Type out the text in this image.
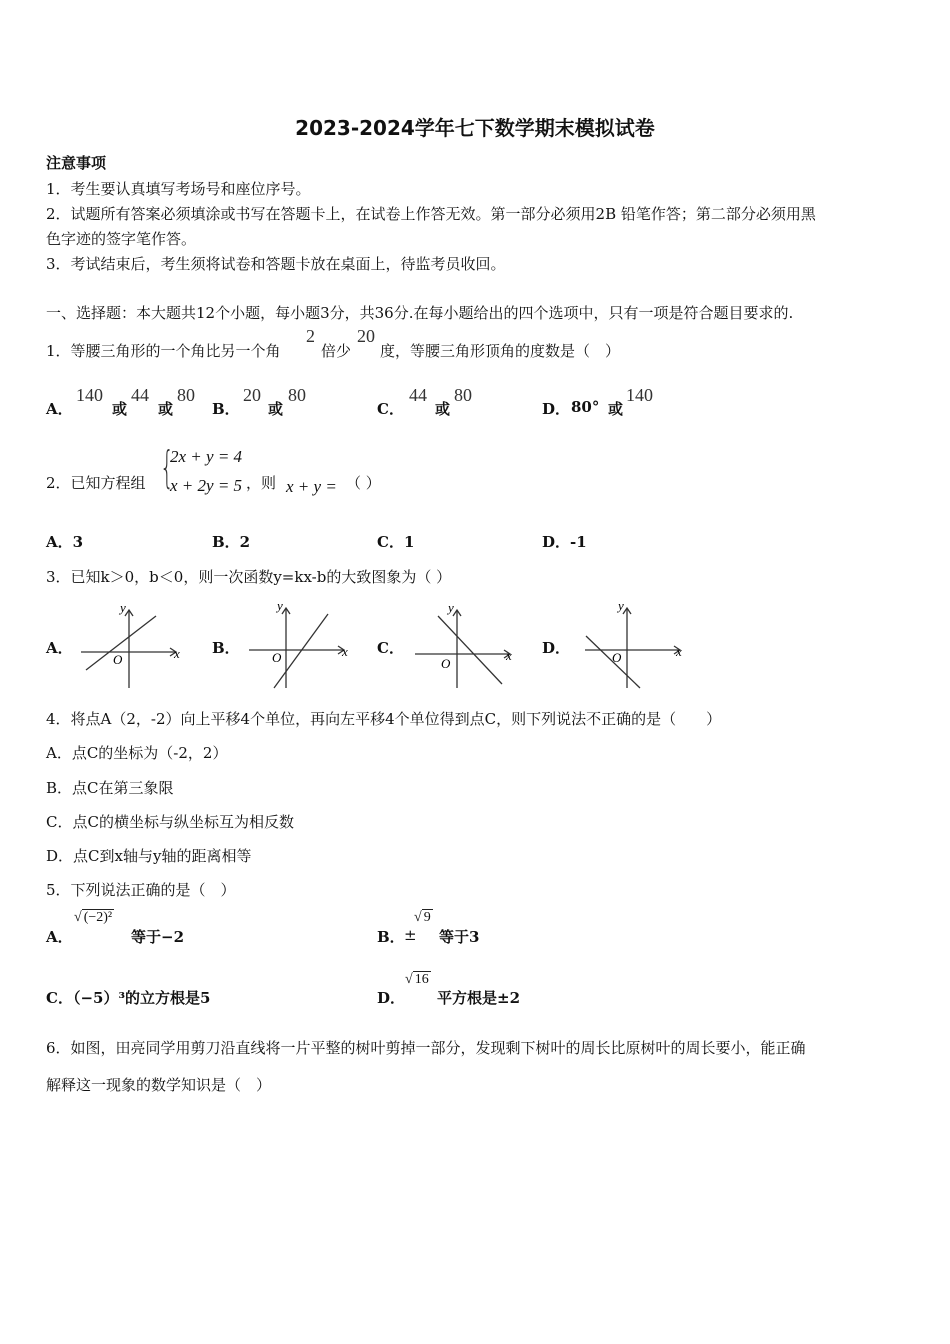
2023-2024学年七下数学期末模拟试卷
注意事项
1．考生要认真填写考场号和座位序号。
2．试题所有答案必须填涂或书写在答题卡上，在试卷上作答无效。第一部分必须用2B 铅笔作答；第二部分必须用黑
色字迹的签字笔作答。
3．考试结束后，考生须将试卷和答题卡放在桌面上，待监考员收回。
一、选择题：本大题共12个小题，每小题3分，共36分.在每小题给出的四个选项中，只有一项是符合题目要求的.
1．等腰三角形的一个角比另一个角
2
倍少
20
度，等腰三角形顶角的度数是（　）
A．
140
或
44
或
80
B．
20
或
80
C．
44
或
80
D． 80° 或
140
2．已知方程组 {
2x + y = 4
x + 2y = 5 ，则 x + y = （ ）
A．3	B．2	C．1	D．-1
3．已知k＞0，b＜0，则一次函数y=kx-b的大致图象为（ ）
A．
y
x
O
B．
y
x
O
C．
y
x
O
D．
y
x
O
4．将点A（2，-2）向上平移4个单位，再向左平移4个单位得到点C，则下列说法不正确的是（　　）
A．点C的坐标为（-2，2）
B．点C在第三象限
C．点C的横坐标与纵坐标互为相反数
D．点C到x轴与y轴的距离相等
5．下列说法正确的是（　）
A．
√ (−2)²
等于−2	B． ±
√ 9
等于3
C．（−5）³的立方根是5	D．
√ 16
平方根是±2
6．如图，田亮同学用剪刀沿直线将一片平整的树叶剪掉一部分，发现剩下树叶的周长比原树叶的周长要小，能正确
解释这一现象的数学知识是（　）
